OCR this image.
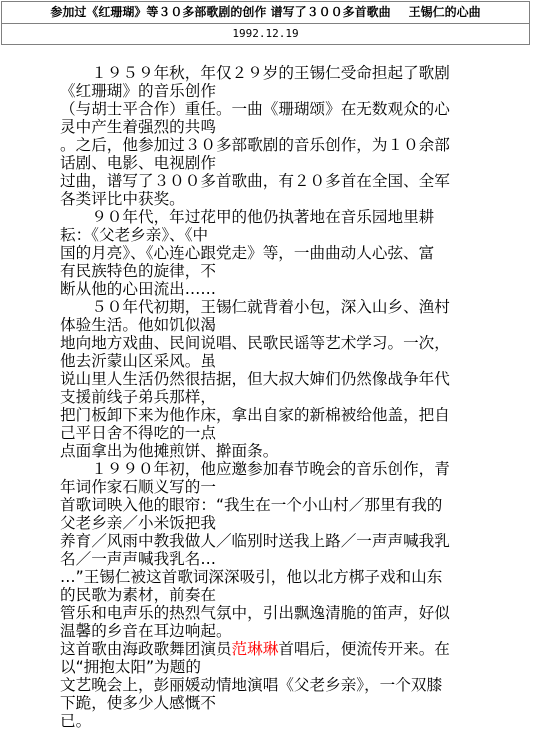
参加过《红珊瑚》等３０多部歌剧的创作 谱写了３００多首歌曲 王锡仁的心曲
1992.12.19
　　１９５９年秋，年仅２９岁的王锡仁受命担起了歌剧
《红珊瑚》的音乐创作
（与胡士平合作）重任。一曲《珊瑚颂》在无数观众的心
灵中产生着强烈的共鸣
。之后，他参加过３０多部歌剧的音乐创作，为１０余部
话剧、电影、电视剧作
过曲，谱写了３００多首歌曲，有２０多首在全国、全军
各类评比中获奖。
　　９０年代，年过花甲的他仍执著地在音乐园地里耕
耘：《父老乡亲》、《中
国的月亮》、《心连心跟党走》等，一曲曲动人心弦、富
有民族特色的旋律，不
断从他的心田流出……
　　５０年代初期，王锡仁就背着小包，深入山乡、渔村
体验生活。他如饥似渴
地向地方戏曲、民间说唱、民歌民谣等艺术学习。一次，
他去沂蒙山区采风。虽
说山里人生活仍然很拮据，但大叔大婶们仍然像战争年代
支援前线子弟兵那样，
把门板卸下来为他作床，拿出自家的新棉被给他盖，把自
己平日舍不得吃的一点
点面拿出为他摊煎饼、擀面条。
　　１９９０年初，他应邀参加春节晚会的音乐创作，青
年词作家石顺义写的一
首歌词映入他的眼帘：“我生在一个小山村／那里有我的
父老乡亲／小米饭把我
养育／风雨中教我做人／临别时送我上路／一声声喊我乳
名／一声声喊我乳名…
…”王锡仁被这首歌词深深吸引，他以北方梆子戏和山东
的民歌为素材，前奏在
管乐和电声乐的热烈气氛中，引出飘逸清脆的笛声，好似
温馨的乡音在耳边响起。
这首歌由海政歌舞团演员范琳琳首唱后，便流传开来。在
以“拥抱太阳”为题的
文艺晚会上，彭丽媛动情地演唱《父老乡亲》，一个双膝
下跪，使多少人感慨不
已。
